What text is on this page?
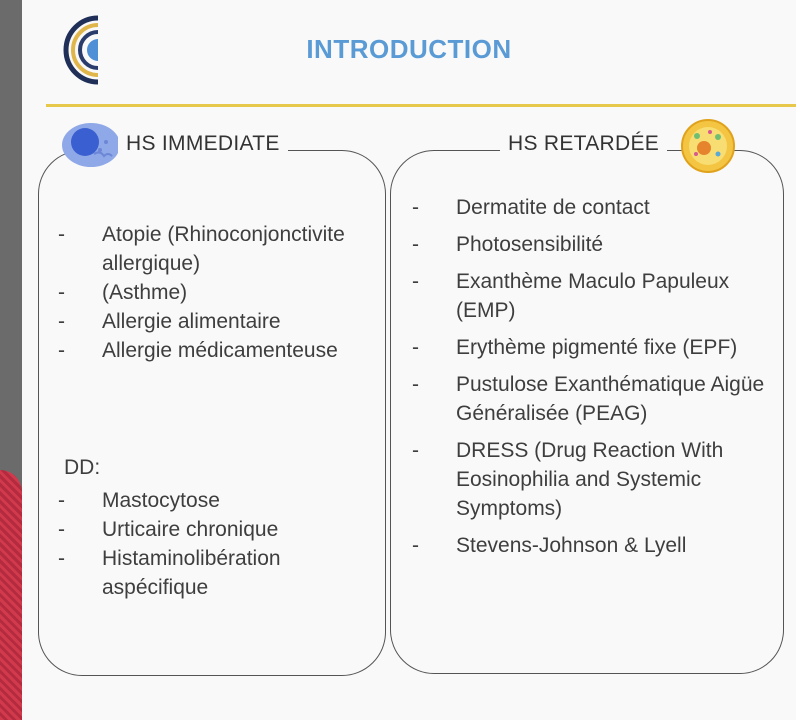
INTRODUCTION
HS IMMEDIATE	HS RETARDÉE
- Atopie (Rhinoconjonctivite allergique)
- (Asthme)
- Allergie alimentaire
- Allergie médicamenteuse
DD:
- Mastocytose
- Urticaire chronique
- Histaminolibération aspécifique
- Dermatite de contact
- Photosensibilité
- Exanthème Maculo Papuleux (EMP)
- Erythème pigmenté fixe (EPF)
- Pustulose Exanthématique Aigüe Généralisée (PEAG)
- DRESS (Drug Reaction With Eosinophilia and Systemic Symptoms)
- Stevens-Johnson & Lyell
